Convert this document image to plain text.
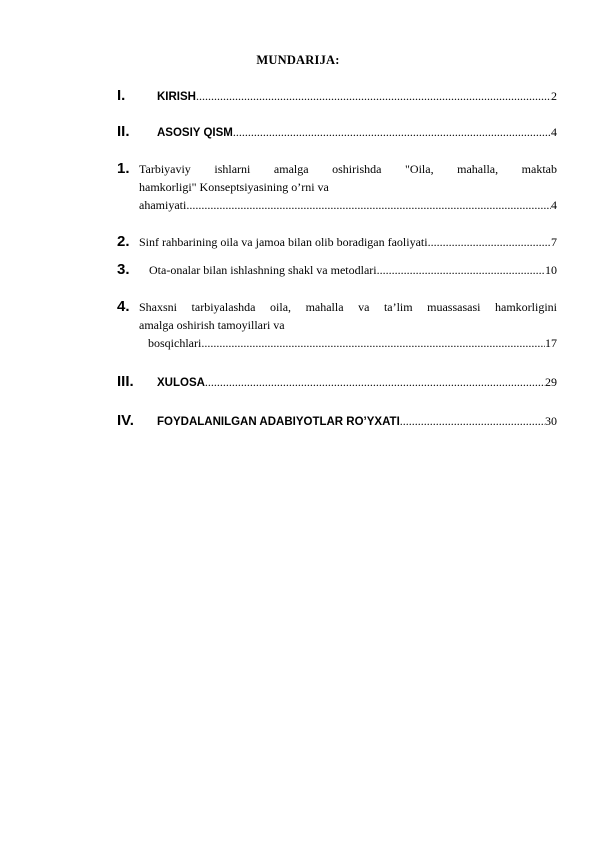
MUNDARIJA:
I.	KIRISH .....	2
II.	ASOSIY QISM .....	4
1. Tarbiyaviy ishlarni amalga oshirishda "Oila, mahalla, maktab
hamkorligi" Konseptsiyasining o’rni va
ahamiyati .....	4
2. Sinf rahbarining oila va jamoa bilan olib boradigan faoliyati .....	7
3.	Ota-onalar bilan ishlashning shakl va metodlari .....	10
4. Shaxsni tarbiyalashda oila, mahalla va ta’lim muassasasi hamkorligini
amalga oshirish tamoyillari va
bosqichlari .....	17
III.	XULOSA .....	29
IV.	FOYDALANILGAN ADABIYOTLAR RO’YXATI .....	30
